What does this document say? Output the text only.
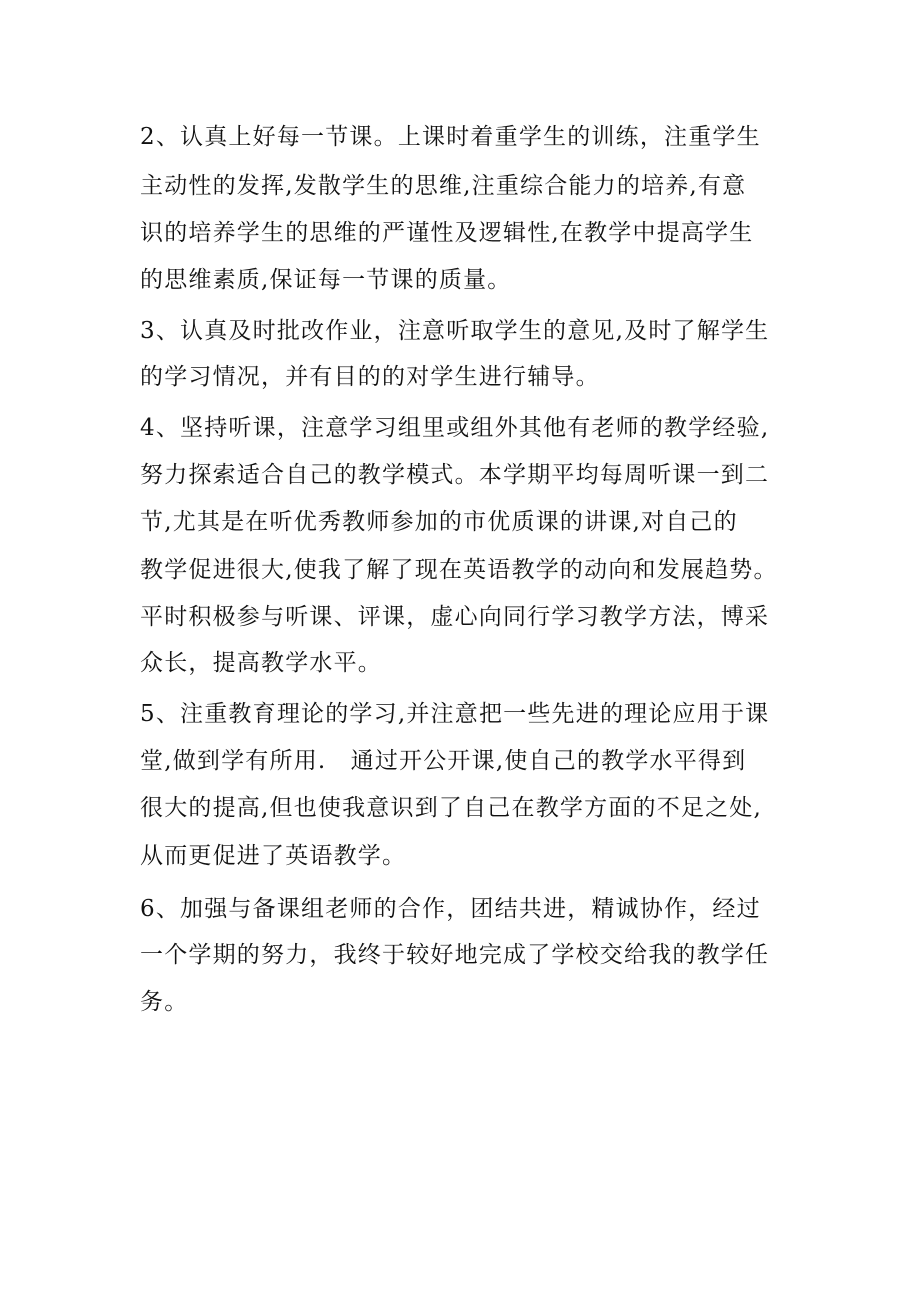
2、认真上好每一节课。上课时着重学生的训练，注重学生
主动性的发挥,发散学生的思维,注重综合能力的培养,有意
识的培养学生的思维的严谨性及逻辑性,在教学中提高学生
的思维素质,保证每一节课的质量。
3、认真及时批改作业，注意听取学生的意见,及时了解学生
的学习情况，并有目的的对学生进行辅导。
4、坚持听课，注意学习组里或组外其他有老师的教学经验,
努力探索适合自己的教学模式。本学期平均每周听课一到二
节,尤其是在听优秀教师参加的市优质课的讲课,对自己的
教学促进很大,使我了解了现在英语教学的动向和发展趋势。
平时积极参与听课、评课，虚心向同行学习教学方法，博采
众长，提高教学水平。
5、注重教育理论的学习,并注意把一些先进的理论应用于课
堂,做到学有所用.　通过开公开课,使自己的教学水平得到
很大的提高,但也使我意识到了自己在教学方面的不足之处,
从而更促进了英语教学。
6、加强与备课组老师的合作，团结共进，精诚协作，经过
一个学期的努力，我终于较好地完成了学校交给我的教学任
务。
